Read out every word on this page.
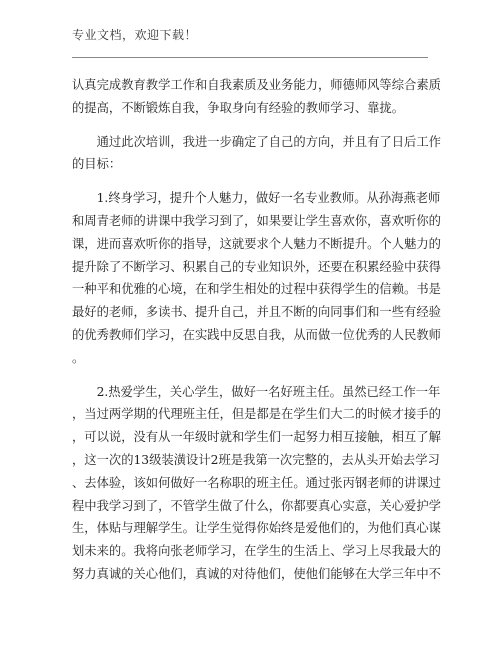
专业文档，欢迎下载！
认真完成教育教学工作和自我素质及业务能力，师德师风等综合素质
的提高，不断锻炼自我，争取身向有经验的教师学习、靠拢。
　　通过此次培训，我进一步确定了自己的方向，并且有了日后工作
的目标：
　　1.终身学习，提升个人魅力，做好一名专业教师。从孙海燕老师
和周青老师的讲课中我学习到了，如果要让学生喜欢你，喜欢听你的
课，进而喜欢听你的指导，这就要求个人魅力不断提升。个人魅力的
提升除了不断学习、积累自己的专业知识外，还要在积累经验中获得
一种平和优雅的心境，在和学生相处的过程中获得学生的信赖。书是
最好的老师，多读书、提升自己，并且不断的向同事们和一些有经验
的优秀教师们学习，在实践中反思自我，从而做一位优秀的人民教师
。
　　2.热爱学生，关心学生，做好一名好班主任。虽然已经工作一年
，当过两学期的代理班主任，但是都是在学生们大二的时候才接手的
，可以说，没有从一年级时就和学生们一起努力相互接触，相互了解
，这一次的13级装潢设计2班是我第一次完整的，去从头开始去学习
、去体验，该如何做好一名称职的班主任。通过张丙钢老师的讲课过
程中我学习到了，不管学生做了什么，你都要真心实意，关心爱护学
生，体贴与理解学生。让学生觉得你始终是爱他们的，为他们真心谋
划未来的。我将向张老师学习，在学生的生活上、学习上尽我最大的
努力真诚的关心他们，真诚的对待他们，使他们能够在大学三年中不
